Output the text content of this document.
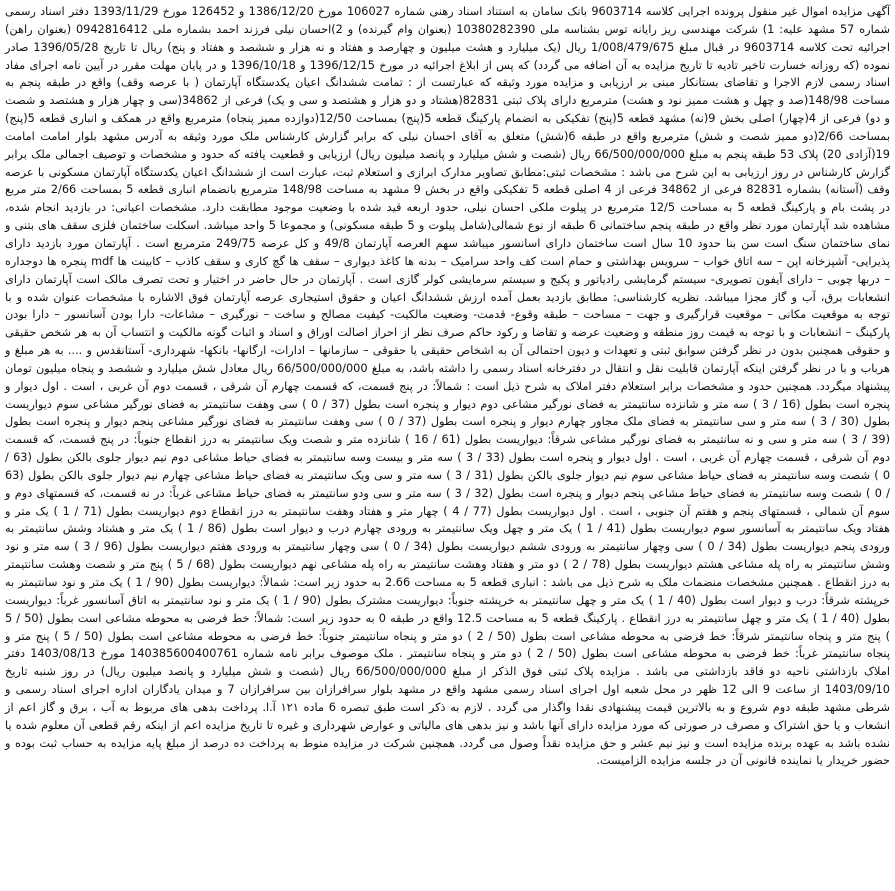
آگهی مزایده اموال غیر منقول پرونده اجرایی کلاسه 9603714 بانک سامان به استناد اسناد رهنی شماره 106027 مورخ 1386/12/20 و 126452 مورخ 1393/11/29 دفتر اسناد رسمی شماره 57 مشهد علیه: 1) شرکت مهندسی ریز رایانه توس بشناسه ملی 10380282390 (بعنوان وام گیرنده) و 2)احسان نیلی فرزند احمد بشماره ملی 0942816412 (بعنوان راهن) اجرائیه تحت کلاسه 9603714 در قبال مبلغ 1/008/479/675 ریال (یک میلیارد و هشت میلیون و چهارصد و هفتاد و نه هزار و ششصد و هفتاد و پنج) ریال تا تاریخ 1396/05/28 صادر نموده (که روزانه خسارت تاخیر تادیه تا تاریخ مزایده به آن اضافه می گردد) که پس از ابلاغ اجرائیه در مورخ 1396/12/15 و 1396/10/18 و در پایان مهلت مقرر در آیین نامه اجرای مفاد اسناد رسمی لازم الاجرا و تقاضای بستانکار مبنی بر ارزیابی و مزایده مورد وثیقه که عبارتست از : تمامت ششدانگ اعیان یکدستگاه آپارتمان ( با عرصه وقف) واقع در طبقه پنجم به مساحت 148/98(صد و چهل و هشت ممیز نود و هشت) مترمربع دارای پلاک ثبتی 82831(هشتاد و دو هزار و هشتصد و سی و یک) فرعی از 34862(سی و چهار هزار و هشتصد و شصت و دو) فرعی از 4(چهار) اصلی بخش 9(نه) مشهد قطعه 5(پنج) تفکیکی به انضمام پارکینگ قطعه 5(پنج) بمساحت 12/50(دوازده ممیز پنجاه) مترمربع واقع در همکف و انباری قطعه 5(پنج) بمساحت 2/66(دو ممیز شصت و شش) مترمربع واقع در طبقه 6(شش) متعلق به آقای احسان نیلی که برابر گزارش کارشناس ملک مورد وثیقه به آدرس مشهد بلوار امامت امامت 19(آزادی 20) پلاک 53 طبقه پنجم به مبلغ 66/500/000/000 ریال (شصت و شش میلیارد و پانصد میلیون ریال) ارزیابی و قطعیت یافته که حدود و مشخصات و توصیف اجمالی ملک برابر گزارش کارشناس در روز ارزیابی به این شرح می باشد : مشخصات ثبتی:مطابق تصاویر مدارک ابرازی و استعلام ثبت، عبارت است از ششدانگ اعیان یکدستگاه آپارتمان مسکونی با عرصه وقف (آستانه) بشماره 82831 فرعی از 34862 فرعی از 4 اصلی قطعه 5 تفکیکی واقع در بخش 9 مشهد به مساحت 148/98 مترمربع بانضمام انباری قطعه 5 بمساحت 2/66 متر مربع در پشت بام و پارکینگ قطعه 5 به مساحت 12/5 مترمربع در پیلوت ملکی احسان نیلی، حدود اربعه قید شده با وضعیت موجود مطابقت دارد. مشخصات اعیانی: در بازدید انجام شده، مشاهده شد آپارتمان مورد نظر واقع در طبقه پنجم ساختمانی 6 طبقه از نوع شمالی(شامل پیلوت و 5 طبقه مسکونی) و مجموعا 5 واحد میباشد. اسکلت ساختمان فلزی سقف های بتنی و نمای ساختمان سنگ است سن بنا حدود 10 سال است ساختمان دارای اسانسور میباشد سهم العرصه آپارتمان 49/8 و کل عرصه 249/75 مترمربع است . آپارتمان مورد بازدید دارای پذیرایی- آشپزخانه اپن – سه اتاق خواب – سرویس بهداشتی و حمام است کف واحد سرامیک – بدنه ها کاغذ دیواری – سقف ها گچ کاری و سقف کاذب – کابینت ها mdf پنجره ها دوجداره – دربها چوبی – دارای آیفون تصویری- سیستم گرمایشی رادیاتور و پکیج و سیستم سرمایشی کولر گازی است . آپارتمان در حال حاضر در اختیار و تحت تصرف مالک است آپارتمان دارای انشعابات برق، آب و گاز مجزا میباشد. نظریه کارشناسی: مطابق بازدید بعمل آمده ارزش ششدانگ اعیان و حقوق استیجاری عرصه آپارتمان فوق الاشاره با مشخصات عنوان شده و با توجه به موقعیت مکانی – موقعیت قرارگیری و جهت – مساحت – طبقه وقوع- قدمت- وضعیت مالکیت- کیفیت مصالح و ساخت – نورگیری – مشاعات- دارا بودن آسانسور – دارا بودن پارکینگ – انشعابات و با توجه به قیمت روز منطقه و وضعیت عرضه و تقاضا و رکود حاکم صرف نظر از احراز اصالت اوراق و اسناد و اثبات گونه مالکیت و انتساب آن به هر شخص حقیقی و حقوقی همچنین بدون در نظر گرفتن سوابق ثبتی و تعهدات و دیون احتمالی آن به اشخاص حقیقی یا حقوقی – سازمانها – ادارات- ارگانها- بانکها- شهرداری- آستانقدس و .... به هر مبلغ و هرباب و با در نظر گرفتن اینکه آپارتمان قابلیت نقل و انتقال در دفترخانه اسناد رسمی را داشته باشد، به مبلغ 66/500/000/000 ریال معادل شش میلیارد و ششصد و پنجاه میلیون تومان پیشنهاد میگردد. همچنین حدود و مشخصات برابر استعلام دفتر املاک به شرح ذیل است : شمالاً: در پنج قسمت، که قسمت چهارم آن شرقی ، قسمت دوم آن غربی ، است . اول دیوار و پنجره است بطول (16 / 3 ) سه متر و شانزده سانتیمتر به فضای نورگیر مشاعی دوم دیوار و پنجره است بطول (37 / 0 ) سی وهفت سانتیمتر به فضای نورگیر مشاعی سوم دیواریست بطول (30 / 3 ) سه متر و سی سانتیمتر به فضای ملک مجاور چهارم دیوار و پنجره است بطول (37 / 0 ) سی وهفت سانتیمتر به فضای نورگیر مشاعی پنجم دیوار و پنجره است بطول (39 / 3 ) سه متر و سی و نه سانتیمتر به فضای نورگیر مشاعی شرقاً: دیواریست بطول (61 / 16 ) شانزده متر و شصت ویک سانتیمتر به درز انقطاع جنوباً: در پنج قسمت، که قسمت دوم آن شرقی ، قسمت چهارم آن غربی ، است . اول دیوار و پنجره است بطول (33 / 3 ) سه متر و بیست وسه سانتیمتر به فضای حیاط مشاعی دوم نیم دیوار جلوی بالکن بطول (63 / 0 ) شصت وسه سانتیمتر به فضای حیاط مشاعی سوم نیم دیوار جلوی بالکن بطول (31 / 3 ) سه متر و سی ویک سانتیمتر به فضای حیاط مشاعی چهارم نیم دیوار جلوی بالکن بطول (63 / 0 ) شصت وسه سانتیمتر به فضای حیاط مشاعی پنجم دیوار و پنجره است بطول (32 / 3 ) سه متر و سی ودو سانتیمتر به فضای حیاط مشاعی غرباً: در نه قسمت، که قسمتهای دوم و سوم آن شمالی ، قسمتهای پنجم و هفتم آن جنوبی ، است . اول دیواریست بطول (77 / 4 ) چهار متر و هفتاد وهفت سانتیمتر به درز انقطاع دوم دیواریست بطول (71 / 1 ) یک متر و هفتاد ویک سانتیمتر به آسانسور سوم دیواریست بطول (41 / 1 ) یک متر و چهل ویک سانتیمتر به ورودی چهارم درب و دیوار است بطول (86 / 1 ) یک متر و هشتاد وشش سانتیمتر به ورودی پنجم دیواریست بطول (34 / 0 ) سی وچهار سانتیمتر به ورودی ششم دیواریست بطول (34 / 0 ) سی وچهار سانتیمتر به ورودی هفتم دیواریست بطول (96 / 3 ) سه متر و نود وشش سانتیمتر به راه پله مشاعی هشتم دیواریست بطول (78 / 2 ) دو متر و هفتاد وهشت سانتیمتر به راه پله مشاعی نهم دیواریست بطول (68 / 5 ) پنج متر و شصت وهشت سانتیمتر به درز انقطاع . همچنین مشخصات منضمات ملک به شرح ذیل می باشد : انباری قطعه 5 به مساحت 2.66 به حدود زیر است: شمالاً: دیواریست بطول (90 / 1 ) یک متر و نود سانتیمتر به خرپشته شرقاً: درب و دیوار است بطول (40 / 1 ) یک متر و چهل سانتیمتر به خرپشته جنوباً: دیواریست مشترک بطول (90 / 1 ) یک متر و نود سانتیمتر به اتاق آسانسور غرباً: دیواریست بطول (40 / 1 ) یک متر و چهل سانتیمتر به درز انقطاع . پارکینگ قطعه 5 به مساحت 12.5 واقع در طبقه 0 به حدود زیر است: شمالاً: خط فرضی به محوطه مشاعی است بطول (50 / 5 ) پنج متر و پنجاه سانتیمتر شرقاً: خط فرضی به محوطه مشاعی است بطول (50 / 2 ) دو متر و پنجاه سانتیمتر جنوباً: خط فرضی به محوطه مشاعی است بطول (50 / 5 ) پنج متر و پنجاه سانتیمتر غرباً: خط فرضی به محوطه مشاعی است بطول (50 / 2 ) دو متر و پنجاه سانتیمتر . ملک موصوف برابر نامه شماره 140385600400761 مورخ 1403/08/13 دفتر املاک بازداشتی ناحیه دو فاقد بازداشتی می باشد . مزایده پلاک ثبتی فوق الذکر از مبلغ 66/500/000/000 ریال (شصت و شش میلیارد و پانصد میلیون ریال) در روز شنبه تاریخ 1403/09/10 از ساعت 9 الی 12 ظهر در محل شعبه اول اجرای اسناد رسمی مشهد واقع در مشهد بلوار سرافرازان بین سرافرازان 7 و میدان یادگاران اداره اجرای اسناد رسمی و شرطی مشهد طبقه دوم شروع و به بالاترین قیمت پیشنهادی نقدا واگذار می گردد . لازم به ذکر است طبق تبصره 6 ماده ۱۲۱ آ.ا. پرداخت بدهی های مربوط به آب ، برق و گاز اعم از انشعاب و یا حق اشتراک و مصرف در صورتی که مورد مزایده دارای آنها باشد و نیز بدهی های مالیاتی و عوارض شهرداری و غیره تا تاریخ مزایده اعم از اینکه رقم قطعی آن معلوم شده یا نشده باشد به عهده برنده مزایده است و نیز نیم عشر و حق مزایده نقداً وصول می گردد. همچنین شرکت در مزایده منوط به پرداخت ده درصد از مبلغ پایه مزایده به حساب ثبت بوده و حضور خریدار یا نماینده قانونی آن در جلسه مزایده الزامیست.
